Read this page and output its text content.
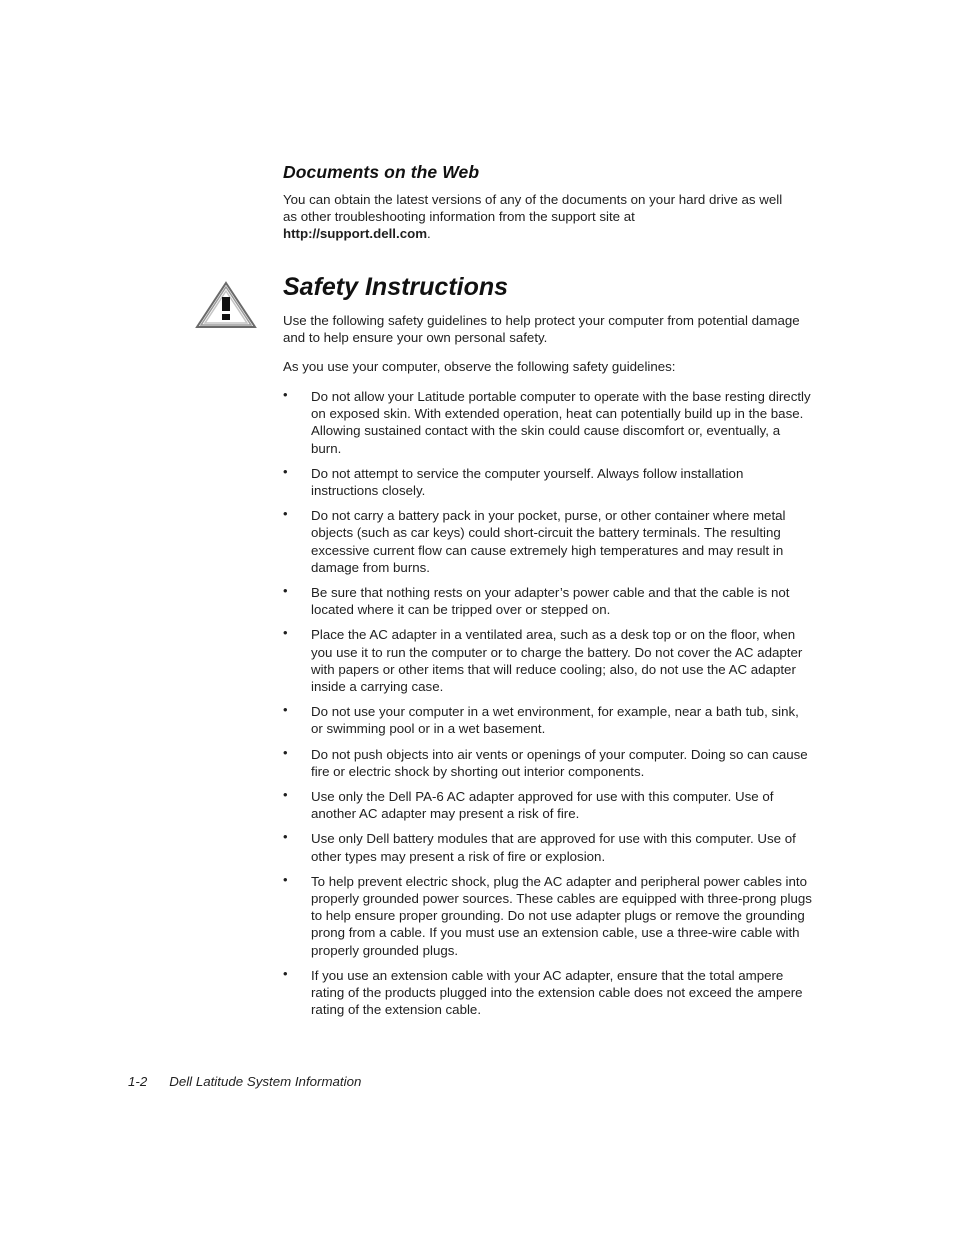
Documents on the Web

You can obtain the latest versions of any of the documents on your hard drive as well as other troubleshooting information from the support site at http://support.dell.com.

Safety Instructions

Use the following safety guidelines to help protect your computer from potential damage and to help ensure your own personal safety.

As you use your computer, observe the following safety guidelines:

• Do not allow your Latitude portable computer to operate with the base resting directly on exposed skin. With extended operation, heat can potentially build up in the base. Allowing sustained contact with the skin could cause discomfort or, eventually, a burn.
• Do not attempt to service the computer yourself. Always follow installation instructions closely.
• Do not carry a battery pack in your pocket, purse, or other container where metal objects (such as car keys) could short-circuit the battery terminals. The resulting excessive current flow can cause extremely high temperatures and may result in damage from burns.
• Be sure that nothing rests on your adapter’s power cable and that the cable is not located where it can be tripped over or stepped on.
• Place the AC adapter in a ventilated area, such as a desk top or on the floor, when you use it to run the computer or to charge the battery. Do not cover the AC adapter with papers or other items that will reduce cooling; also, do not use the AC adapter inside a carrying case.
• Do not use your computer in a wet environment, for example, near a bath tub, sink, or swimming pool or in a wet basement.
• Do not push objects into air vents or openings of your computer. Doing so can cause fire or electric shock by shorting out interior components.
• Use only the Dell PA-6 AC adapter approved for use with this computer. Use of another AC adapter may present a risk of fire.
• Use only Dell battery modules that are approved for use with this computer. Use of other types may present a risk of fire or explosion.
• To help prevent electric shock, plug the AC adapter and peripheral power cables into properly grounded power sources. These cables are equipped with three-prong plugs to help ensure proper grounding. Do not use adapter plugs or remove the grounding prong from a cable. If you must use an extension cable, use a three-wire cable with properly grounded plugs.
• If you use an extension cable with your AC adapter, ensure that the total ampere rating of the products plugged into the extension cable does not exceed the ampere rating of the extension cable.
1-2 Dell Latitude System Information
